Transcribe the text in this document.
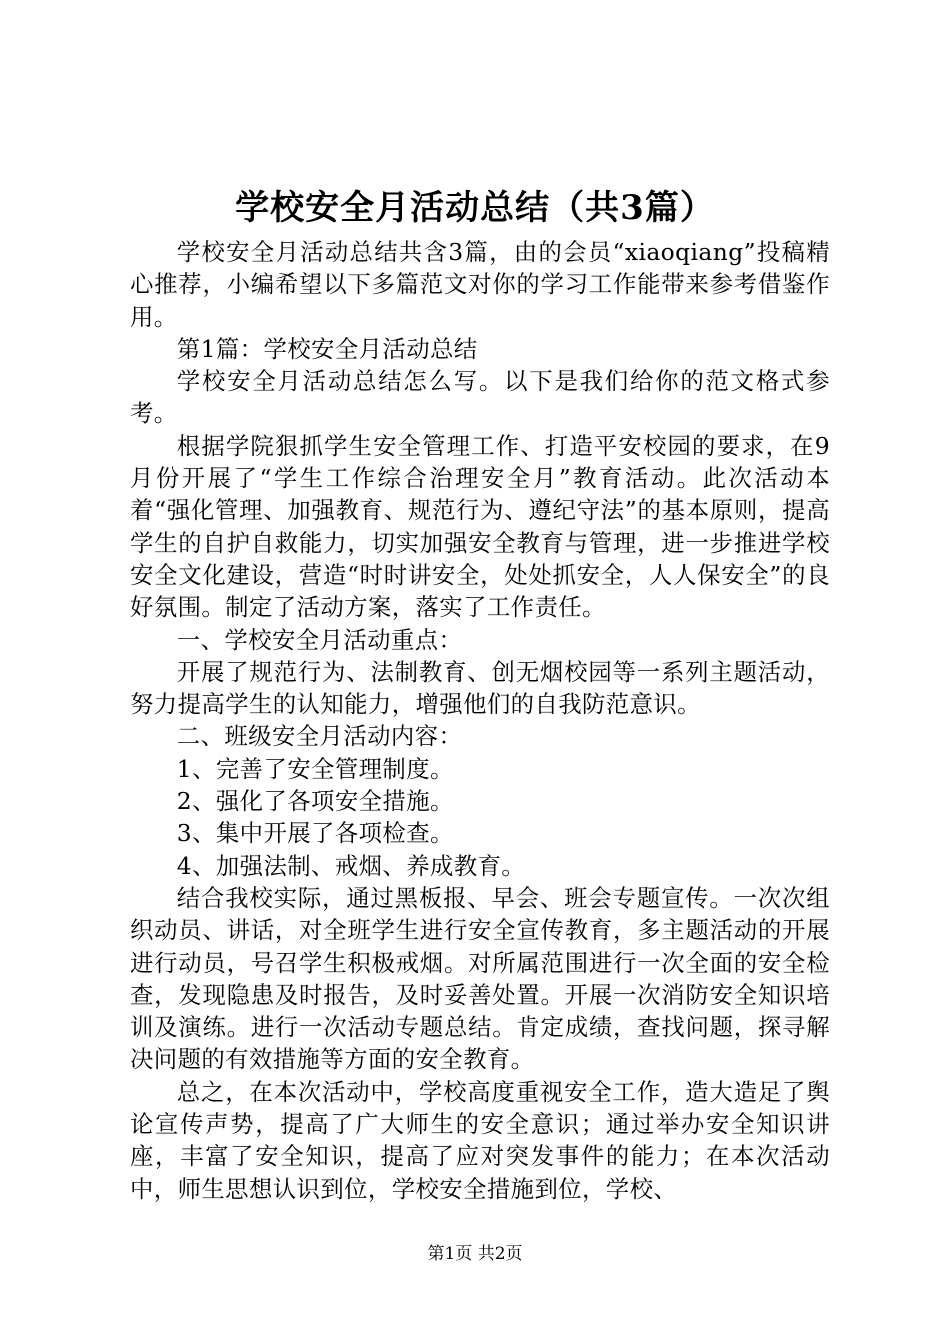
学校安全月活动总结（共3篇）

学校安全月活动总结共含3篇，由的会员“xiaoqiang”投稿精心推荐，小编希望以下多篇范文对你的学习工作能带来参考借鉴作用。

第1篇：学校安全月活动总结

学校安全月活动总结怎么写。以下是我们给你的范文格式参考。

根据学院狠抓学生安全管理工作、打造平安校园的要求，在9月份开展了“学生工作综合治理安全月”教育活动。此次活动本着“强化管理、加强教育、规范行为、遵纪守法”的基本原则，提高学生的自护自救能力，切实加强安全教育与管理，进一步推进学校安全文化建设，营造“时时讲安全，处处抓安全，人人保安全”的良好氛围。制定了活动方案，落实了工作责任。

一、学校安全月活动重点：

开展了规范行为、法制教育、创无烟校园等一系列主题活动，努力提高学生的认知能力，增强他们的自我防范意识。

二、班级安全月活动内容：

1、完善了安全管理制度。

2、强化了各项安全措施。

3、集中开展了各项检查。

4、加强法制、戒烟、养成教育。

结合我校实际，通过黑板报、早会、班会专题宣传。一次次组织动员、讲话，对全班学生进行安全宣传教育，多主题活动的开展进行动员，号召学生积极戒烟。对所属范围进行一次全面的安全检查，发现隐患及时报告，及时妥善处置。开展一次消防安全知识培训及演练。进行一次活动专题总结。肯定成绩，查找问题，探寻解决问题的有效措施等方面的安全教育。

总之，在本次活动中，学校高度重视安全工作，造大造足了舆论宣传声势，提高了广大师生的安全意识；通过举办安全知识讲座，丰富了安全知识，提高了应对突发事件的能力；在本次活动中，师生思想认识到位，学校安全措施到位，学校、

第1页 共2页
